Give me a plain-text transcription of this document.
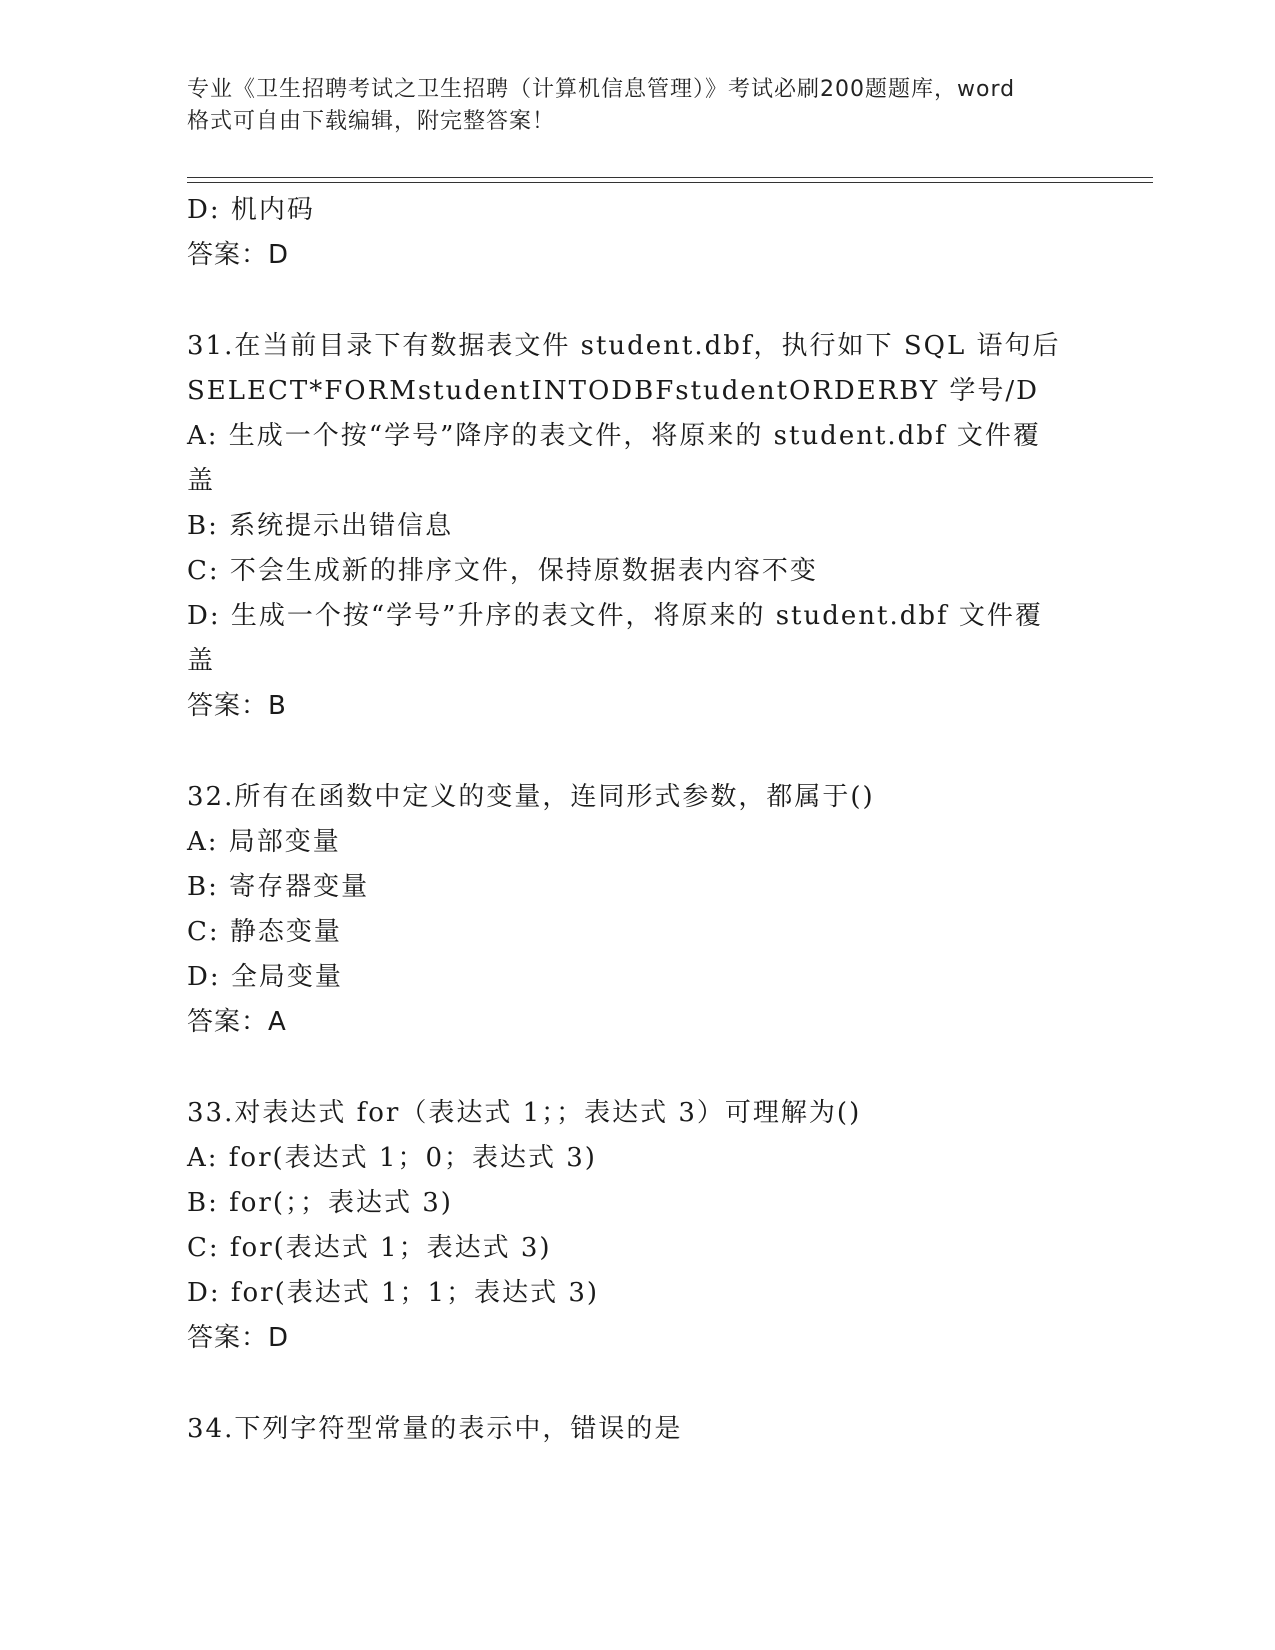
专业《卫生招聘考试之卫生招聘（计算机信息管理）》考试必刷200题题库，word
格式可自由下载编辑，附完整答案！
D: 机内码
答案：D
31.在当前目录下有数据表文件 student.dbf，执行如下 SQL 语句后
SELECT*FORMstudentINTODBFstudentORDERBY 学号/D
A: 生成一个按“学号”降序的表文件，将原来的 student.dbf 文件覆
盖
B: 系统提示出错信息
C: 不会生成新的排序文件，保持原数据表内容不变
D: 生成一个按“学号”升序的表文件，将原来的 student.dbf 文件覆
盖
答案：B
32.所有在函数中定义的变量，连同形式参数，都属于()
A: 局部变量
B: 寄存器变量
C: 静态变量
D: 全局变量
答案：A
33.对表达式 for（表达式 1；；表达式 3）可理解为()
A: for(表达式 1；0；表达式 3)
B: for(；；表达式 3)
C: for(表达式 1；表达式 3)
D: for(表达式 1；1；表达式 3)
答案：D
34.下列字符型常量的表示中，错误的是
